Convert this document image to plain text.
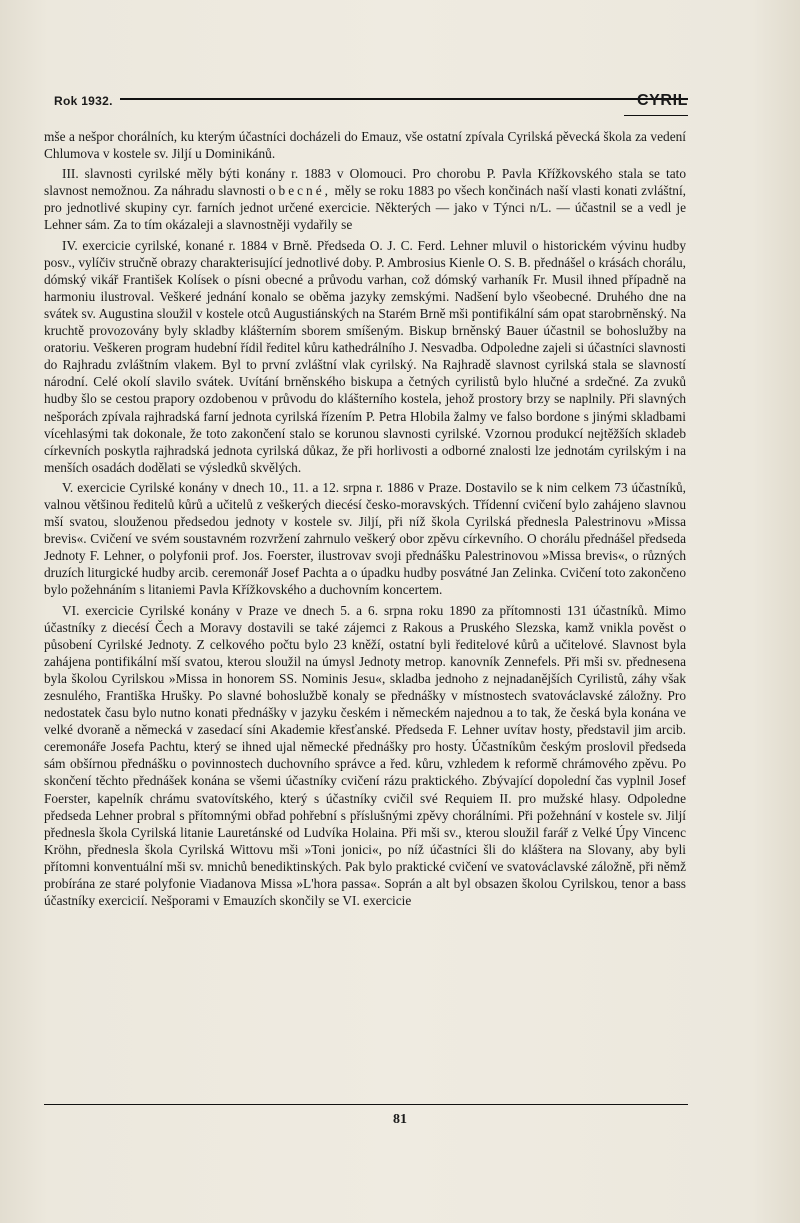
Rok 1932.	CYRIL

mše a nešpor chorálních, ku kterým účastníci docházeli do Emauz, vše ostatní zpívala Cyrilská pěvecká škola za vedení Chlumova v kostele sv. Jiljí u Dominikánů.

III. slavnosti cyrilské měly býti konány r. 1883 v Olomouci. Pro chorobu P. Pavla Křížkovského stala se tato slavnost nemožnou. Za náhradu slavnosti obecné, měly se roku 1883 po všech končinách naší vlasti konati zvláštní, pro jednotlivé skupiny cyr. farních jednot určené exercicie. Některých — jako v Týnci n/L. — účastnil se a vedl je Lehner sám. Za to tím okázaleji a slavnostněji vydařily se

IV. exercicie cyrilské, konané r. 1884 v Brně. Předseda O. J. C. Ferd. Lehner mluvil o historickém vývinu hudby posv., vylíčiv stručně obrazy charakterisující jednotlivé doby. P. Ambrosius Kienle O. S. B. přednášel o krásách chorálu, dómský vikář František Kolísek o písni obecné a průvodu varhan, což dómský varhaník Fr. Musil ihned případně na harmoniu ilustroval. Veškeré jednání konalo se oběma jazyky zemskými. Nadšení bylo všeobecné. Druhého dne na svátek sv. Augustina sloužil v kostele otců Augustiánských na Starém Brně mši pontifikální sám opat starobrněnský. Na kruchtě provozovány byly skladby klášterním sborem smíšeným. Biskup brněnský Bauer účastnil se bohoslužby na oratoriu. Veškeren program hudební řídil ředitel kůru kathedrálního J. Nesvadba. Odpoledne zajeli si účastníci slavnosti do Rajhradu zvláštním vlakem. Byl to první zvláštní vlak cyrilský. Na Rajhradě slavnost cyrilská stala se slavností národní. Celé okolí slavilo svátek. Uvítání brněnského biskupa a četných cyrilistů bylo hlučné a srdečné. Za zvuků hudby šlo se cestou prapory ozdobenou v průvodu do klášterního kostela, jehož prostory brzy se naplnily. Při slavných nešporách zpívala rajhradská farní jednota cyrilská řízením P. Petra Hlobila žalmy ve falso bordone s jinými skladbami vícehlasými tak dokonale, že toto zakončení stalo se korunou slavnosti cyrilské. Vzornou produkcí nejtěžších skladeb církevních poskytla rajhradská jednota cyrilská důkaz, že při horlivosti a odborné znalosti lze jednotám cyrilským i na menších osadách dodělati se výsledků skvělých.

V. exercicie Cyrilské konány v dnech 10., 11. a 12. srpna r. 1886 v Praze. Dostavilo se k nim celkem 73 účastníků, valnou většinou ředitelů kůrů a učitelů z veškerých diecésí česko-moravských. Třídenní cvičení bylo zahájeno slavnou mší svatou, slouženou předsedou jednoty v kostele sv. Jiljí, při níž škola Cyrilská přednesla Palestrinovu »Missa brevis«. Cvičení ve svém soustavném rozvržení zahrnulo veškerý obor zpěvu církevního. O chorálu přednášel předseda Jednoty F. Lehner, o polyfonii prof. Jos. Foerster, ilustrovav svoji přednášku Palestrinovou »Missa brevis«, o různých druzích liturgické hudby arcib. ceremonář Josef Pachta a o úpadku hudby posvátné Jan Zelinka. Cvičení toto zakončeno bylo požehnáním s litaniemi Pavla Křížkovského a duchovním koncertem.

VI. exercicie Cyrilské konány v Praze ve dnech 5. a 6. srpna roku 1890 za přítomnosti 131 účastníků. Mimo účastníky z diecésí Čech a Moravy dostavili se také zájemci z Rakous a Pruského Slezska, kamž vnikla pověst o působení Cyrilské Jednoty. Z celkového počtu bylo 23 kněží, ostatní byli ředitelové kůrů a učitelové. Slavnost byla zahájena pontifikální mší svatou, kterou sloužil na úmysl Jednoty metrop. kanovník Zennefels. Při mši sv. přednesena byla školou Cyrilskou »Missa in honorem SS. Nominis Jesu«, skladba jednoho z nejnadanějších Cyrilistů, záhy však zesnulého, Františka Hrušky. Po slavné bohoslužbě konaly se přednášky v místnostech svatováclavské záložny. Pro nedostatek času bylo nutno konati přednášky v jazyku českém i německém najednou a to tak, že česká byla konána ve velké dvoraně a německá v zasedací síni Akademie křesťanské. Předseda F. Lehner uvítav hosty, představil jim arcib. ceremonáře Josefa Pachtu, který se ihned ujal německé přednášky pro hosty. Účastníkům českým proslovil předseda sám obšírnou přednášku o povinnostech duchovního správce a řed. kůru, vzhledem k reformě chrámového zpěvu. Po skončení těchto přednášek konána se všemi účastníky cvičení rázu praktického. Zbývající dopolední čas vyplnil Josef Foerster, kapelník chrámu svatovítského, který s účastníky cvičil své Requiem II. pro mužské hlasy. Odpoledne předseda Lehner probral s přítomnými obřad pohřební s příslušnými zpěvy chorálními. Při požehnání v kostele sv. Jiljí přednesla škola Cyrilská litanie Lauretánské od Ludvíka Holaina. Při mši sv., kterou sloužil farář z Velké Úpy Vincenc Kröhn, přednesla škola Cyrilská Wittovu mši »Toni jonici«, po níž účastníci šli do kláštera na Slovany, aby byli přítomni konventuální mši sv. mnichů benediktinských. Pak bylo praktické cvičení ve svatováclavské záložně, při němž probírána ze staré polyfonie Viadanova Missa »L'hora passa«. Soprán a alt byl obsazen školou Cyrilskou, tenor a bass účastníky exercicií. Nešporami v Emauzích skončily se VI. exercicie

81
